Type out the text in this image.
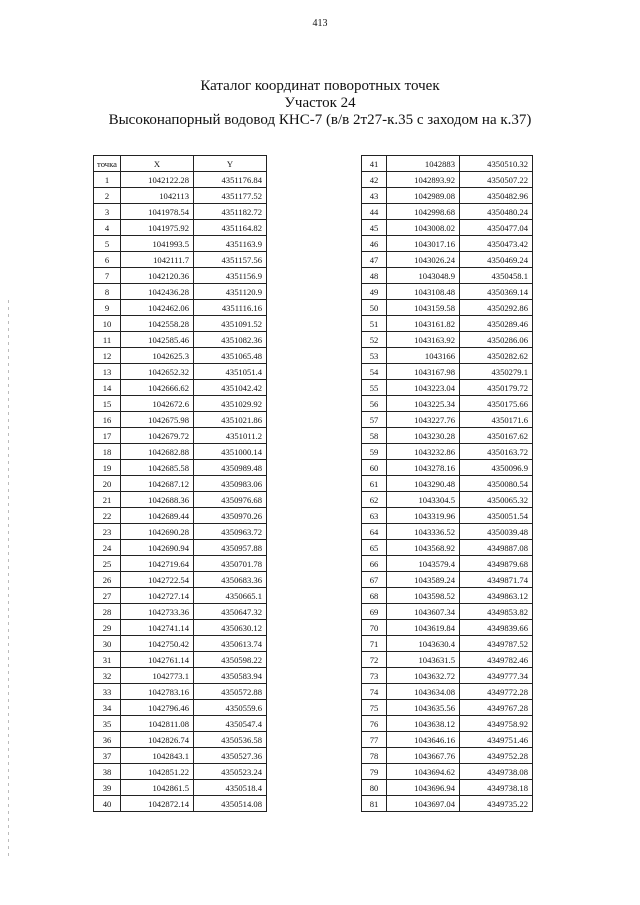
413
Каталог координат поворотных точек
Участок 24
Высоконапорный водовод КНС-7 (в/в 2т27-к.35 с заходом на к.37)
точка	X	Y
1	1042122.28	4351176.84
2	1042113	4351177.52
3	1041978.54	4351182.72
4	1041975.92	4351164.82
5	1041993.5	4351163.9
6	1042111.7	4351157.56
7	1042120.36	4351156.9
8	1042436.28	4351120.9
9	1042462.06	4351116.16
10	1042558.28	4351091.52
11	1042585.46	4351082.36
12	1042625.3	4351065.48
13	1042652.32	4351051.4
14	1042666.62	4351042.42
15	1042672.6	4351029.92
16	1042675.98	4351021.86
17	1042679.72	4351011.2
18	1042682.88	4351000.14
19	1042685.58	4350989.48
20	1042687.12	4350983.06
21	1042688.36	4350976.68
22	1042689.44	4350970.26
23	1042690.28	4350963.72
24	1042690.94	4350957.88
25	1042719.64	4350701.78
26	1042722.54	4350683.36
27	1042727.14	4350665.1
28	1042733.36	4350647.32
29	1042741.14	4350630.12
30	1042750.42	4350613.74
31	1042761.14	4350598.22
32	1042773.1	4350583.94
33	1042783.16	4350572.88
34	1042796.46	4350559.6
35	1042811.08	4350547.4
36	1042826.74	4350536.58
37	1042843.1	4350527.36
38	1042851.22	4350523.24
39	1042861.5	4350518.4
40	1042872.14	4350514.08
41	1042883	4350510.32
42	1042893.92	4350507.22
43	1042989.08	4350482.96
44	1042998.68	4350480.24
45	1043008.02	4350477.04
46	1043017.16	4350473.42
47	1043026.24	4350469.24
48	1043048.9	4350458.1
49	1043108.48	4350369.14
50	1043159.58	4350292.86
51	1043161.82	4350289.46
52	1043163.92	4350286.06
53	1043166	4350282.62
54	1043167.98	4350279.1
55	1043223.04	4350179.72
56	1043225.34	4350175.66
57	1043227.76	4350171.6
58	1043230.28	4350167.62
59	1043232.86	4350163.72
60	1043278.16	4350096.9
61	1043290.48	4350080.54
62	1043304.5	4350065.32
63	1043319.96	4350051.54
64	1043336.52	4350039.48
65	1043568.92	4349887.08
66	1043579.4	4349879.68
67	1043589.24	4349871.74
68	1043598.52	4349863.12
69	1043607.34	4349853.82
70	1043619.84	4349839.66
71	1043630.4	4349787.52
72	1043631.5	4349782.46
73	1043632.72	4349777.34
74	1043634.08	4349772.28
75	1043635.56	4349767.28
76	1043638.12	4349758.92
77	1043646.16	4349751.46
78	1043667.76	4349752.28
79	1043694.62	4349738.08
80	1043696.94	4349738.18
81	1043697.04	4349735.22
